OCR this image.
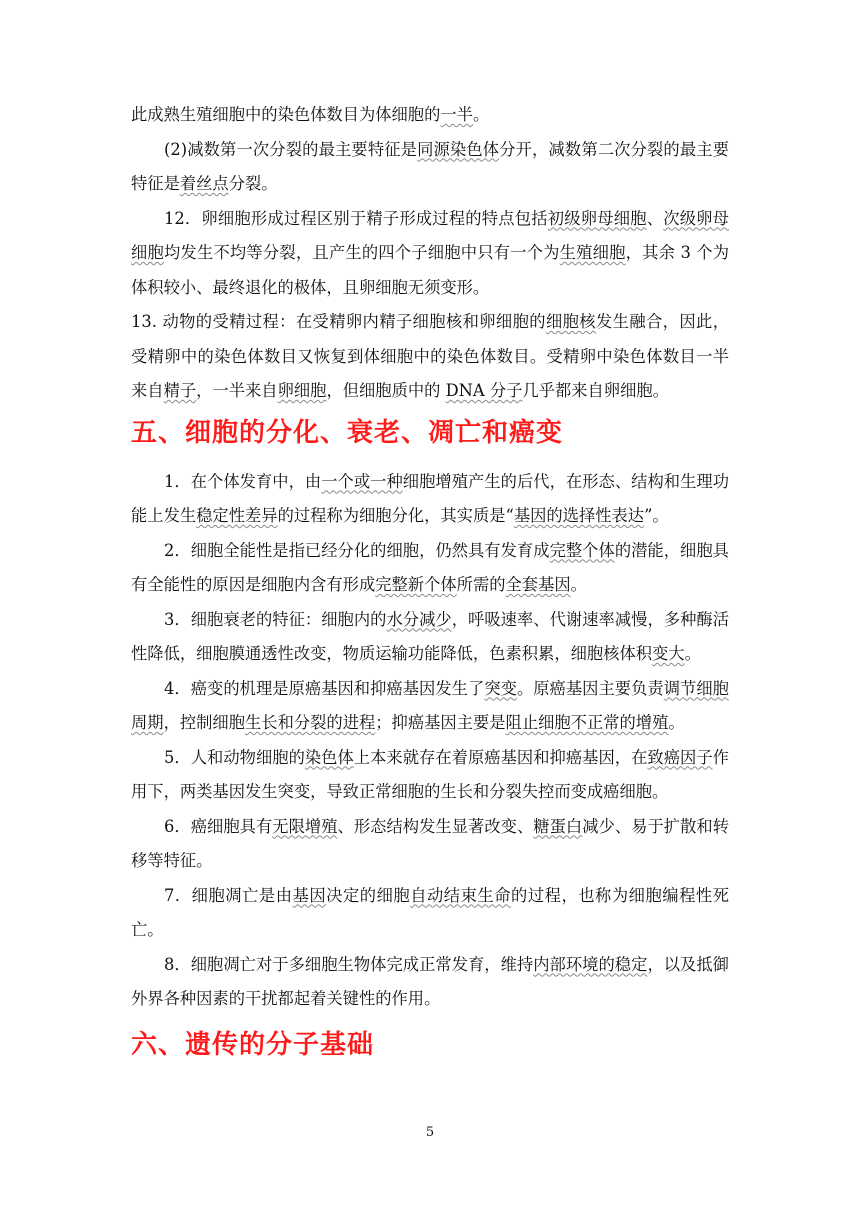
此成熟生殖细胞中的染色体数目为体细胞的一半。

(2)减数第一次分裂的最主要特征是同源染色体分开，减数第二次分裂的最主要特征是着丝点分裂。

12．卵细胞形成过程区别于精子形成过程的特点包括初级卵母细胞、次级卵母细胞均发生不均等分裂，且产生的四个子细胞中只有一个为生殖细胞，其余 3 个为体积较小、最终退化的极体，且卵细胞无须变形。

13. 动物的受精过程：在受精卵内精子细胞核和卵细胞的细胞核发生融合，因此，受精卵中的染色体数目又恢复到体细胞中的染色体数目。受精卵中染色体数目一半来自精子，一半来自卵细胞，但细胞质中的 DNA 分子几乎都来自卵细胞。

五、细胞的分化、衰老、凋亡和癌变

1．在个体发育中，由一个或一种细胞增殖产生的后代，在形态、结构和生理功能上发生稳定性差异的过程称为细胞分化，其实质是“基因的选择性表达”。

2．细胞全能性是指已经分化的细胞，仍然具有发育成完整个体的潜能，细胞具有全能性的原因是细胞内含有形成完整新个体所需的全套基因。

3．细胞衰老的特征：细胞内的水分减少，呼吸速率、代谢速率减慢，多种酶活性降低，细胞膜通透性改变，物质运输功能降低，色素积累，细胞核体积变大。

4．癌变的机理是原癌基因和抑癌基因发生了突变。原癌基因主要负责调节细胞周期，控制细胞生长和分裂的进程；抑癌基因主要是阻止细胞不正常的增殖。

5．人和动物细胞的染色体上本来就存在着原癌基因和抑癌基因，在致癌因子作用下，两类基因发生突变，导致正常细胞的生长和分裂失控而变成癌细胞。

6．癌细胞具有无限增殖、形态结构发生显著改变、糖蛋白减少、易于扩散和转移等特征。

7．细胞凋亡是由基因决定的细胞自动结束生命的过程，也称为细胞编程性死亡。

8．细胞凋亡对于多细胞生物体完成正常发育，维持内部环境的稳定，以及抵御外界各种因素的干扰都起着关键性的作用。

六、遗传的分子基础
5
